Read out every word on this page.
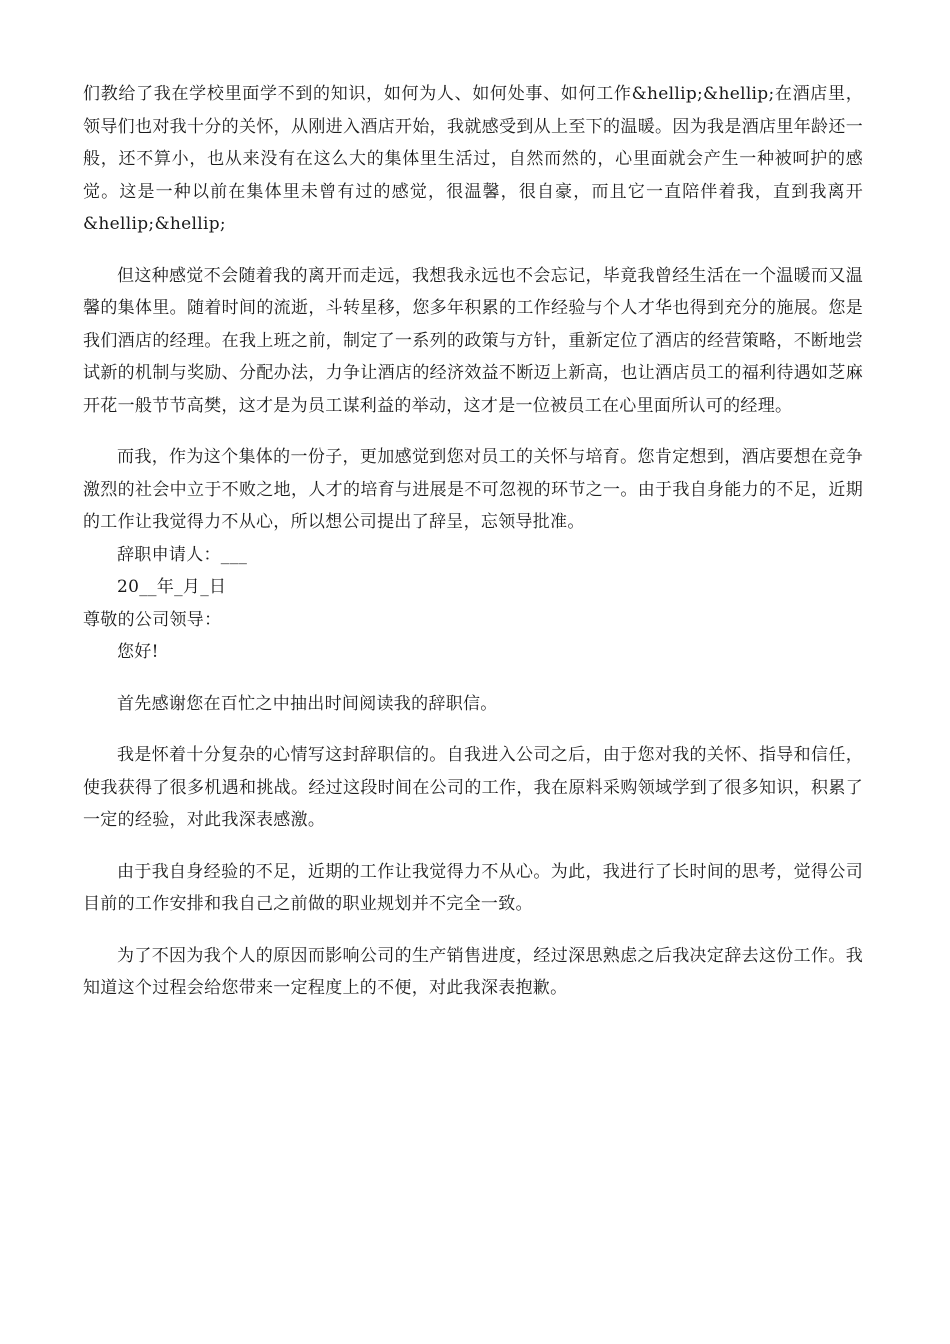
们教给了我在学校里面学不到的知识，如何为人、如何处事、如何工作&hellip;&hellip;在酒店里，领导们也对我十分的关怀，从刚进入酒店开始，我就感受到从上至下的温暖。因为我是酒店里年龄还一般，还不算小，也从来没有在这么大的集体里生活过，自然而然的，心里面就会产生一种被呵护的感觉。这是一种以前在集体里未曾有过的感觉，很温馨，很自豪，而且它一直陪伴着我，直到我离开&hellip;&hellip;

但这种感觉不会随着我的离开而走远，我想我永远也不会忘记，毕竟我曾经生活在一个温暖而又温馨的集体里。随着时间的流逝，斗转星移，您多年积累的工作经验与个人才华也得到充分的施展。您是我们酒店的经理。在我上班之前，制定了一系列的政策与方针，重新定位了酒店的经营策略，不断地尝试新的机制与奖励、分配办法，力争让酒店的经济效益不断迈上新高，也让酒店员工的福利待遇如芝麻开花一般节节高樊，这才是为员工谋利益的举动，这才是一位被员工在心里面所认可的经理。

而我，作为这个集体的一份子，更加感觉到您对员工的关怀与培育。您肯定想到，酒店要想在竞争激烈的社会中立于不败之地，人才的培育与进展是不可忽视的环节之一。由于我自身能力的不足，近期的工作让我觉得力不从心，所以想公司提出了辞呈，忘领导批准。

辞职申请人：___

20__年_月_日

尊敬的公司领导：

您好!

首先感谢您在百忙之中抽出时间阅读我的辞职信。

我是怀着十分复杂的心情写这封辞职信的。自我进入公司之后，由于您对我的关怀、指导和信任，使我获得了很多机遇和挑战。经过这段时间在公司的工作，我在原料采购领域学到了很多知识，积累了一定的经验，对此我深表感激。

由于我自身经验的不足，近期的工作让我觉得力不从心。为此，我进行了长时间的思考，觉得公司目前的工作安排和我自己之前做的职业规划并不完全一致。

为了不因为我个人的原因而影响公司的生产销售进度，经过深思熟虑之后我决定辞去这份工作。我知道这个过程会给您带来一定程度上的不便，对此我深表抱歉。
